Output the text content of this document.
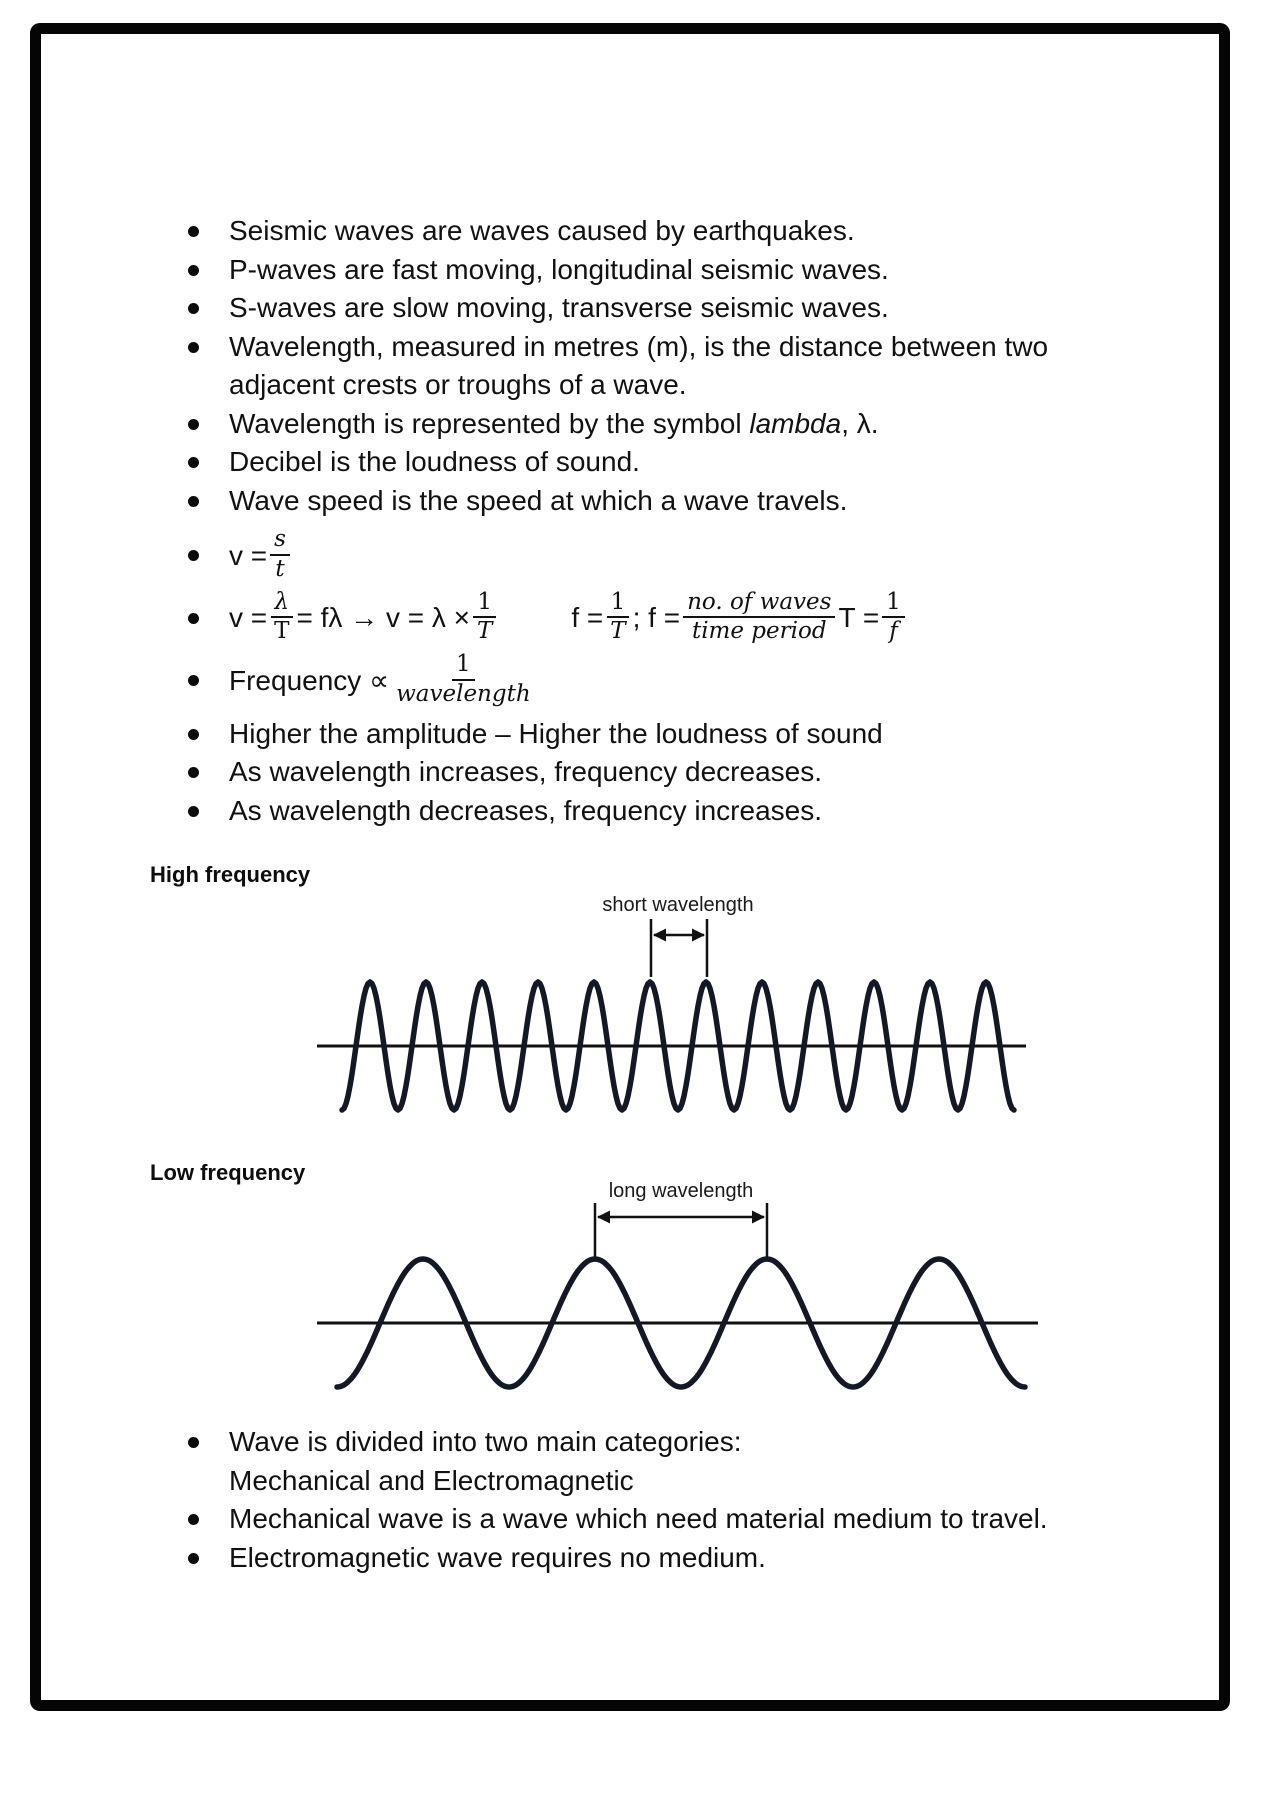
High frequency
short wavelength
Low frequency
long wavelength
Seismic waves are waves caused by earthquakes.
P-waves are fast moving, longitudinal seismic waves.
S-waves are slow moving, transverse seismic waves.
Wavelength, measured in metres (m), is the distance between two
adjacent crests or troughs of a wave.
Wavelength is represented by the symbol lambda, λ.
Decibel is the loudness of sound.
Wave speed is the speed at which a wave travels.
$v = \frac{s}{t}$
$v = \frac{\lambda}{T} = f\lambda \to v = \lambda \times \frac{1}{T}$	$f = \frac{1}{T}$ ; f =
no. of waves
time period $T = \frac{1}{f}$
Frequency ∝
1
wavelength
Higher the amplitude – Higher the loudness of sound
As wavelength increases, frequency decreases.
As wavelength decreases, frequency increases.
Wave is divided into two main categories:
Mechanical and Electromagnetic
Mechanical wave is a wave which need material medium to travel.
Electromagnetic wave requires no medium.
